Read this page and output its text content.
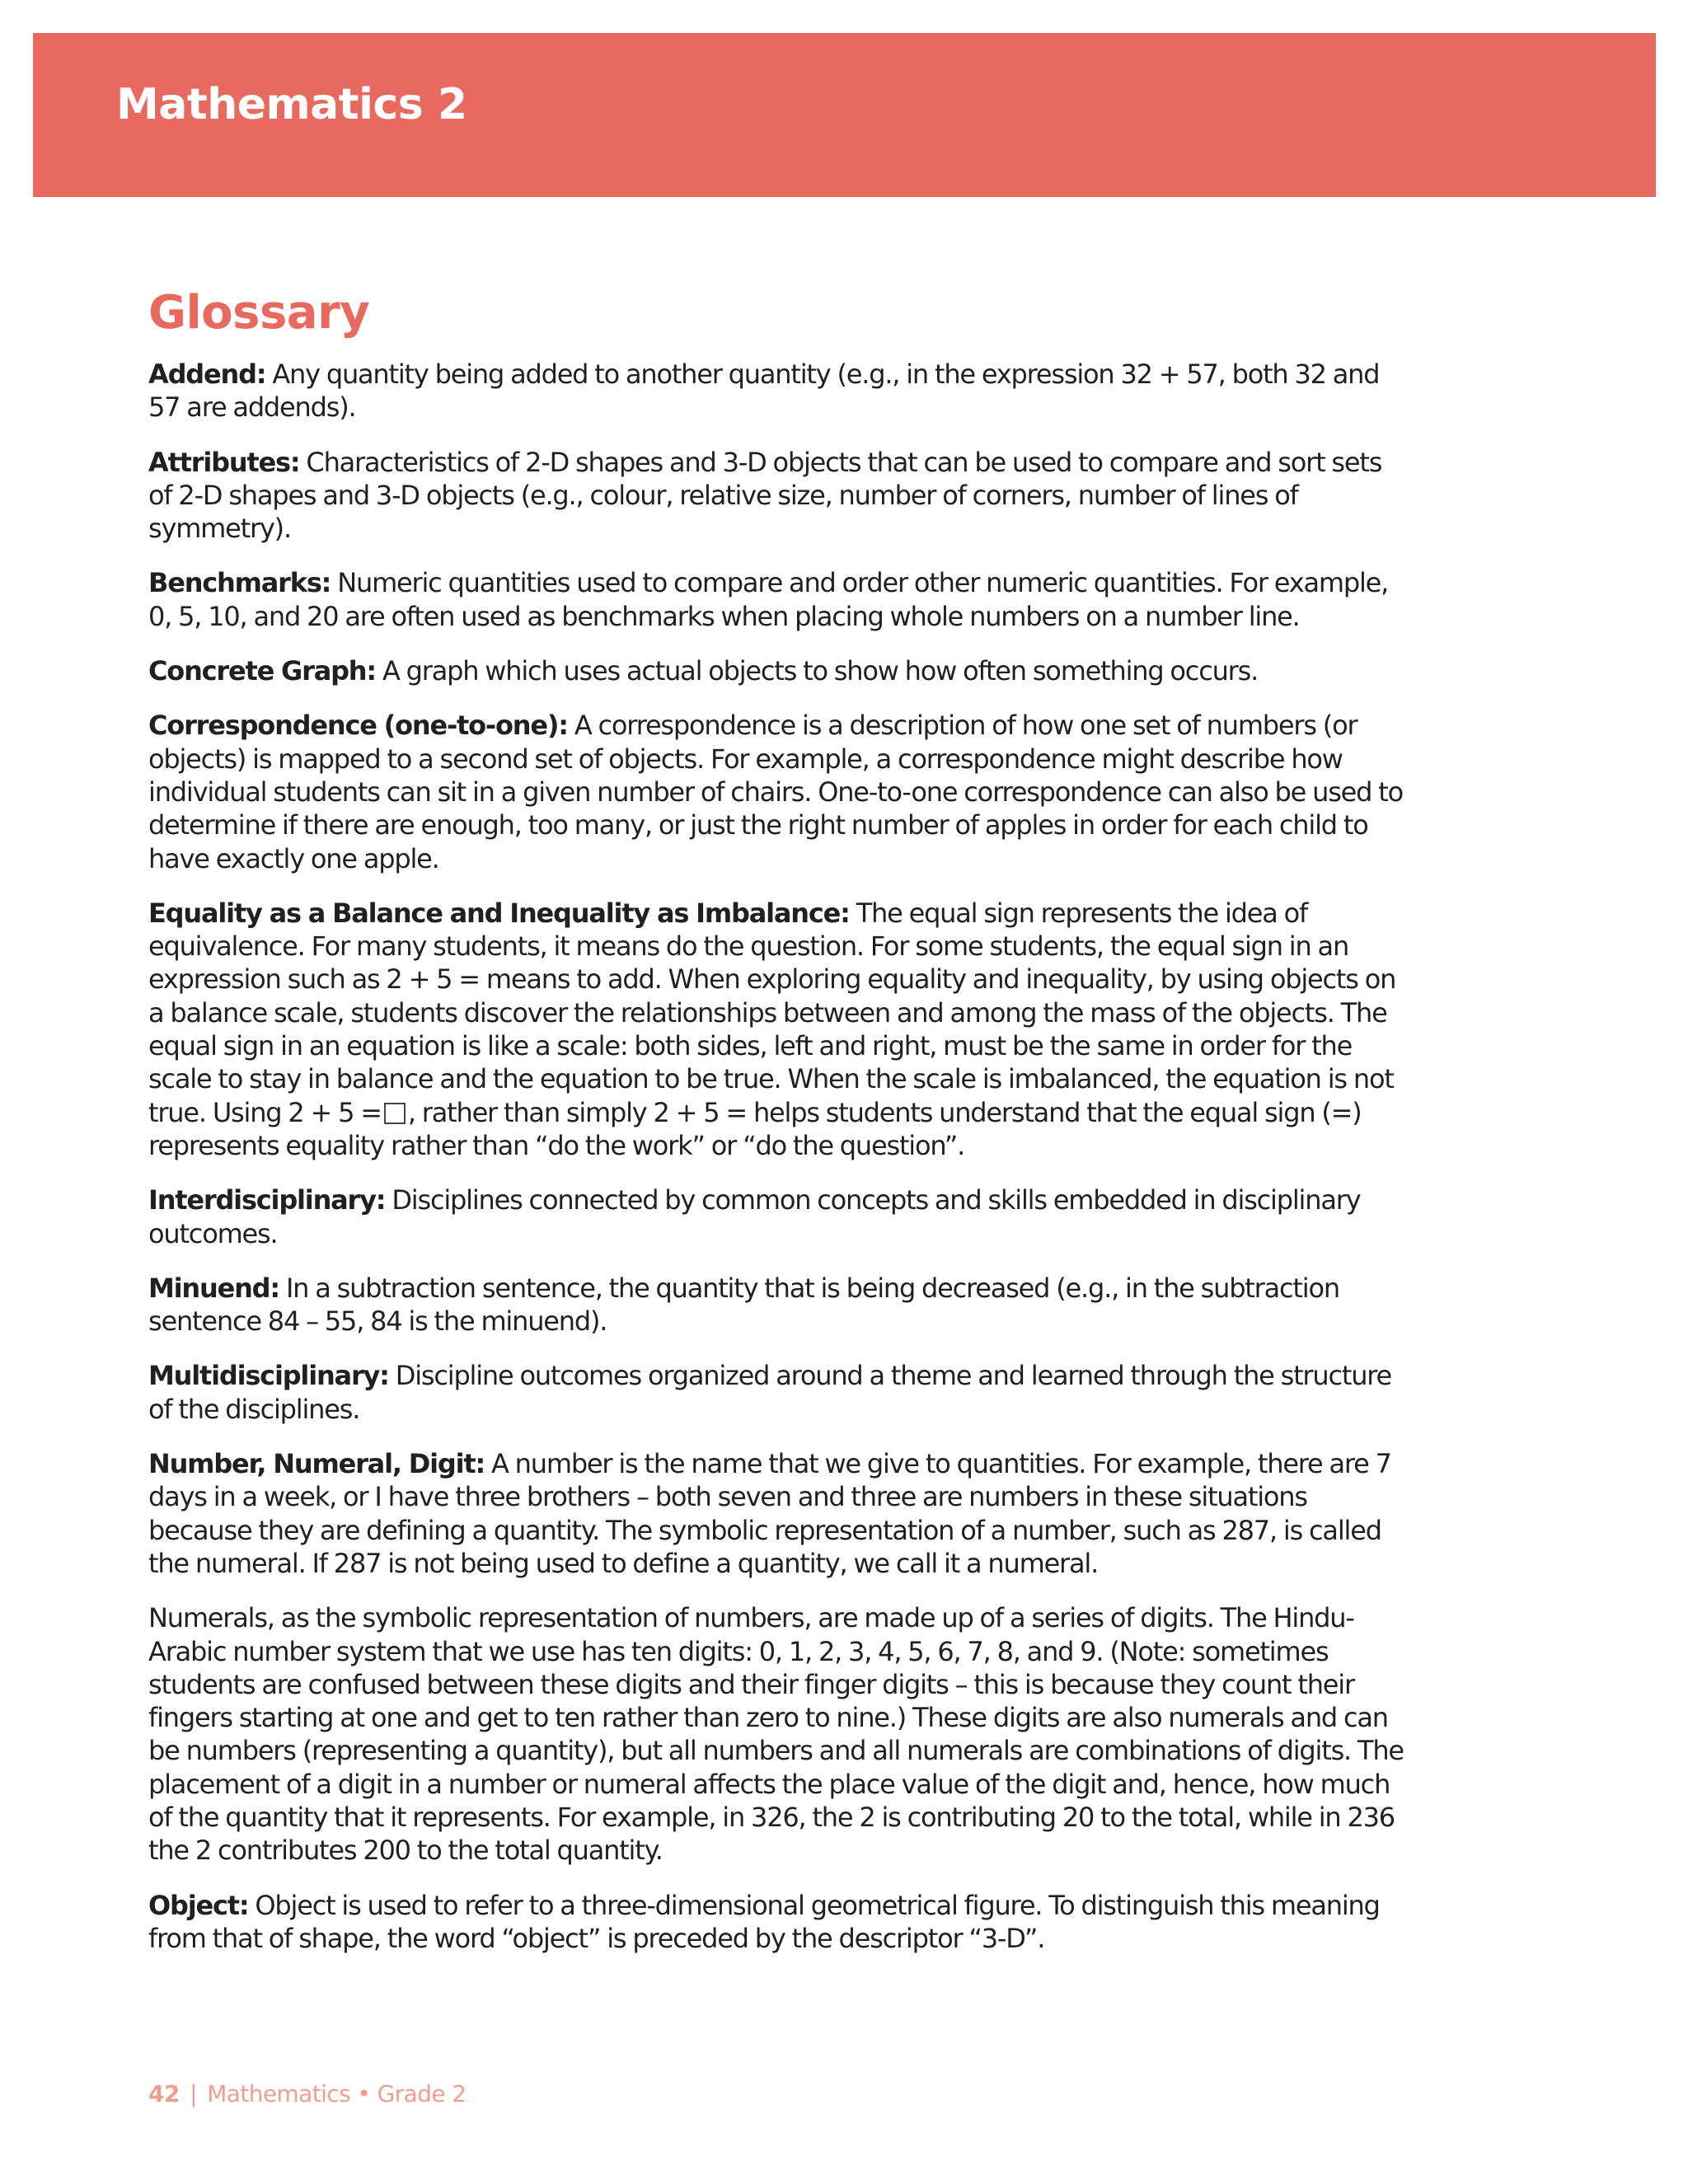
Mathematics 2
Glossary

Addend: Any quantity being added to another quantity (e.g., in the expression 32 + 57, both 32 and 57 are addends).

Attributes: Characteristics of 2-D shapes and 3-D objects that can be used to compare and sort sets of 2-D shapes and 3-D objects (e.g., colour, relative size, number of corners, number of lines of symmetry).

Benchmarks: Numeric quantities used to compare and order other numeric quantities. For example, 0, 5, 10, and 20 are often used as benchmarks when placing whole numbers on a number line.

Concrete Graph: A graph which uses actual objects to show how often something occurs.

Correspondence (one-to-one): A correspondence is a description of how one set of numbers (or objects) is mapped to a second set of objects. For example, a correspondence might describe how individual students can sit in a given number of chairs. One-to-one correspondence can also be used to determine if there are enough, too many, or just the right number of apples in order for each child to have exactly one apple.

Equality as a Balance and Inequality as Imbalance: The equal sign represents the idea of equivalence. For many students, it means do the question. For some students, the equal sign in an expression such as 2 + 5 = means to add. When exploring equality and inequality, by using objects on a balance scale, students discover the relationships between and among the mass of the objects. The equal sign in an equation is like a scale: both sides, left and right, must be the same in order for the scale to stay in balance and the equation to be true. When the scale is imbalanced, the equation is not true. Using 2 + 5 = , rather than simply 2 + 5 = helps students understand that the equal sign (=) represents equality rather than “do the work” or “do the question”.

Interdisciplinary: Disciplines connected by common concepts and skills embedded in disciplinary outcomes.

Minuend: In a subtraction sentence, the quantity that is being decreased (e.g., in the subtraction sentence 84 – 55, 84 is the minuend).

Multidisciplinary: Discipline outcomes organized around a theme and learned through the structure of the disciplines.

Number, Numeral, Digit: A number is the name that we give to quantities. For example, there are 7 days in a week, or I have three brothers – both seven and three are numbers in these situations because they are defining a quantity. The symbolic representation of a number, such as 287, is called the numeral. If 287 is not being used to define a quantity, we call it a numeral.

Numerals, as the symbolic representation of numbers, are made up of a series of digits. The Hindu-Arabic number system that we use has ten digits: 0, 1, 2, 3, 4, 5, 6, 7, 8, and 9. (Note: sometimes students are confused between these digits and their finger digits – this is because they count their fingers starting at one and get to ten rather than zero to nine.) These digits are also numerals and can be numbers (representing a quantity), but all numbers and all numerals are combinations of digits. The placement of a digit in a number or numeral affects the place value of the digit and, hence, how much of the quantity that it represents. For example, in 326, the 2 is contributing 20 to the total, while in 236 the 2 contributes 200 to the total quantity.

Object: Object is used to refer to a three-dimensional geometrical figure. To distinguish this meaning from that of shape, the word “object” is preceded by the descriptor “3-D”.

42 | Mathematics • Grade 2
